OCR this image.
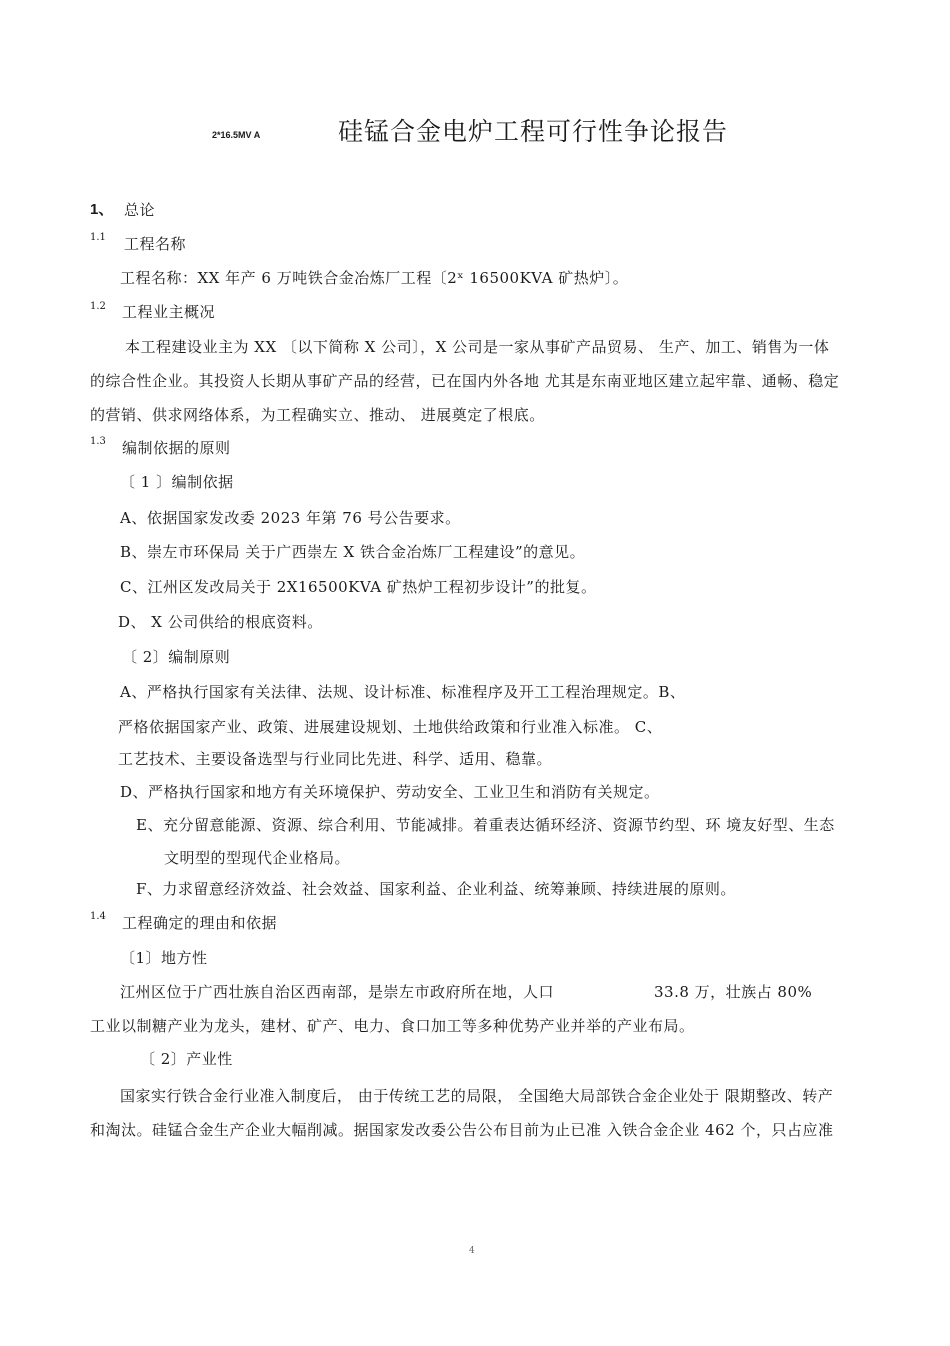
2*16.5MV A	硅锰合金电炉工程可行性争论报告
1、 总论
1.1 工程名称
工程名称：XX 年产 6 万吨铁合金冶炼厂工程〔2ˣ 16500KVA 矿热炉〕。
1.2 工程业主概况
本工程建设业主为 XX 〔以下简称 X 公司〕，X 公司是一家从事矿产品贸易、 生产、加工、销售为一体
的综合性企业。其投资人长期从事矿产品的经营，已在国内外各地 尤其是东南亚地区建立起牢靠、通畅、稳定
的营销、供求网络体系，为工程确实立、推动、 进展奠定了根底。
1.3 编制依据的原则
〔 1 〕编制依据
A、依据国家发改委 2023 年第 76 号公告要求。
B、崇左市环保局 关于广西崇左 X 铁合金冶炼厂工程建设”的意见。
C、江州区发改局关于 2X16500KVA 矿热炉工程初步设计”的批复。
D、 X 公司供给的根底资料。
〔 2〕编制原则
A、严格执行国家有关法律、法规、设计标准、标准程序及开工工程治理规定。B、
严格依据国家产业、政策、进展建设规划、土地供给政策和行业准入标准。 C、
工艺技术、主要设备选型与行业同比先进、科学、适用、稳靠。
D、严格执行国家和地方有关环境保护、劳动安全、工业卫生和消防有关规定。
E、充分留意能源、资源、综合利用、节能减排。着重表达循环经济、资源节约型、环 境友好型、生态
文明型的型现代企业格局。
F、力求留意经济效益、社会效益、国家利益、企业利益、统筹兼顾、持续进展的原则。
1.4 工程确定的理由和依据
〔1〕地方性
江州区位于广西壮族自治区西南部，是崇左市政府所在地，人口	33.8 万，壮族占 80%
工业以制糖产业为龙头，建材、矿产、电力、食口加工等多种优势产业并举的产业布局。
〔 2〕产业性
国家实行铁合金行业准入制度后， 由于传统工艺的局限， 全国绝大局部铁合金企业处于 限期整改、转产
和淘汰。硅锰合金生产企业大幅削减。据国家发改委公告公布目前为止已准 入铁合金企业 462 个，只占应准
4
